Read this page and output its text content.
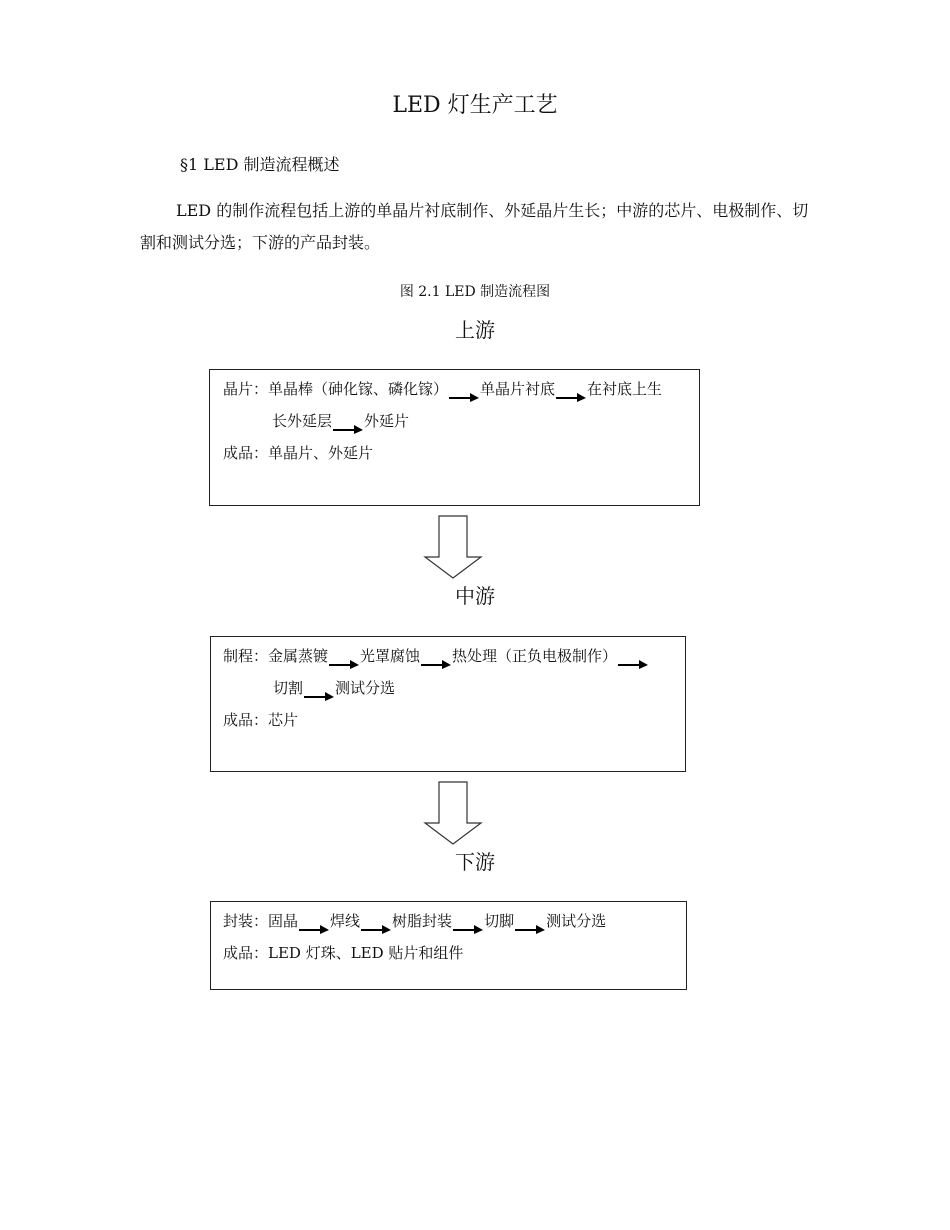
LED 灯生产工艺
§1 LED 制造流程概述
LED 的制作流程包括上游的单晶片衬底制作、外延晶片生长；中游的芯片、电极制作、切割和测试分选；下游的产品封装。
图 2.1 LED 制造流程图
上游
晶片：单晶棒（砷化镓、磷化镓） 单晶片衬底 在衬底上生
长外延层 外延片
成品：单晶片、外延片
中游
制程：金属蒸镀 光罩腐蚀 热处理（正负电极制作）
切割 测试分选
成品：芯片
下游
封装：固晶 焊线 树脂封装 切脚 测试分选
成品：LED 灯珠、LED 贴片和组件
